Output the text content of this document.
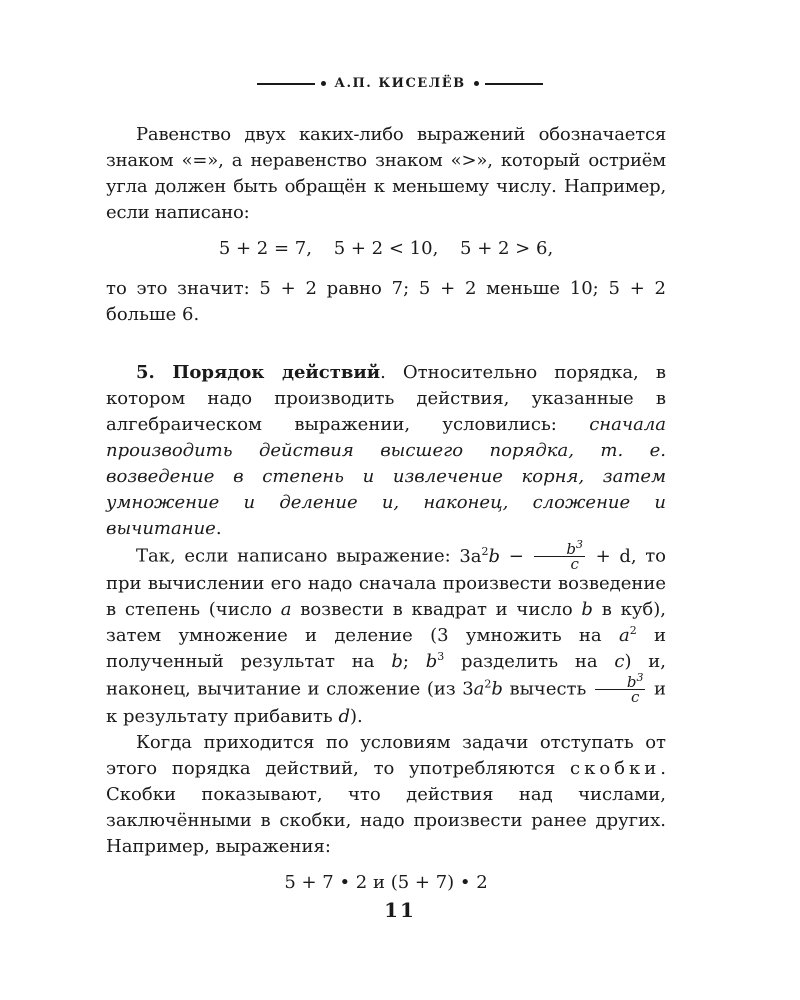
А.П. КИСЕЛЁВ

Равенство двух каких-либо выражений обозначается знаком «=», а неравенство знаком «>», который остриём угла должен быть обращён к меньшему числу. Например, если написано:

5 + 2 = 7, 5 + 2 < 10, 5 + 2 > 6,

то это значит: 5 + 2 равно 7; 5 + 2 меньше 10; 5 + 2 больше 6.

5. Порядок действий. Относительно порядка, в котором надо производить действия, указанные в алгебраическом выражении, условились: сначала производить действия высшего порядка, т. е. возведение в степень и извлечение корня, затем умножение и деление и, наконец, сложение и вычитание.

Так, если написано выражение: $3a^2b - \frac{b^3}{c} + d$, то при вычислении его надо сначала произвести возведение в степень (число a возвести в квадрат и число b в куб), затем умножение и деление (3 умножить на $a^2$ и полученный результат на b; $b^3$ разделить на c) и, наконец, вычитание и сложение (из $3a^2b$ вычесть $\frac{b^3}{c}$ и к результату прибавить d).

Когда приходится по условиям задачи отступать от этого порядка действий, то употребляются скобки. Скобки показывают, что действия над числами, заключёнными в скобки, надо произвести ранее других. Например, выражения:

5 + 7 • 2 и (5 + 7) • 2
11
